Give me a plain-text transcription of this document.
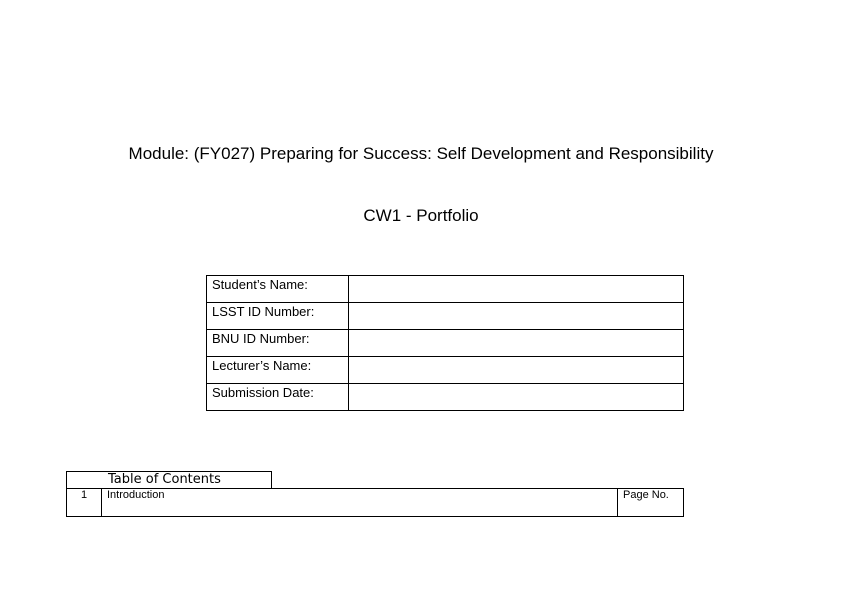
Module: (FY027) Preparing for Success: Self Development and Responsibility
CW1 - Portfolio
Student’s Name:	
LSST ID Number:	
BNU ID Number:	
Lecturer’s Name:	
Submission Date:	
Table of Contents
1	Introduction	Page No.
